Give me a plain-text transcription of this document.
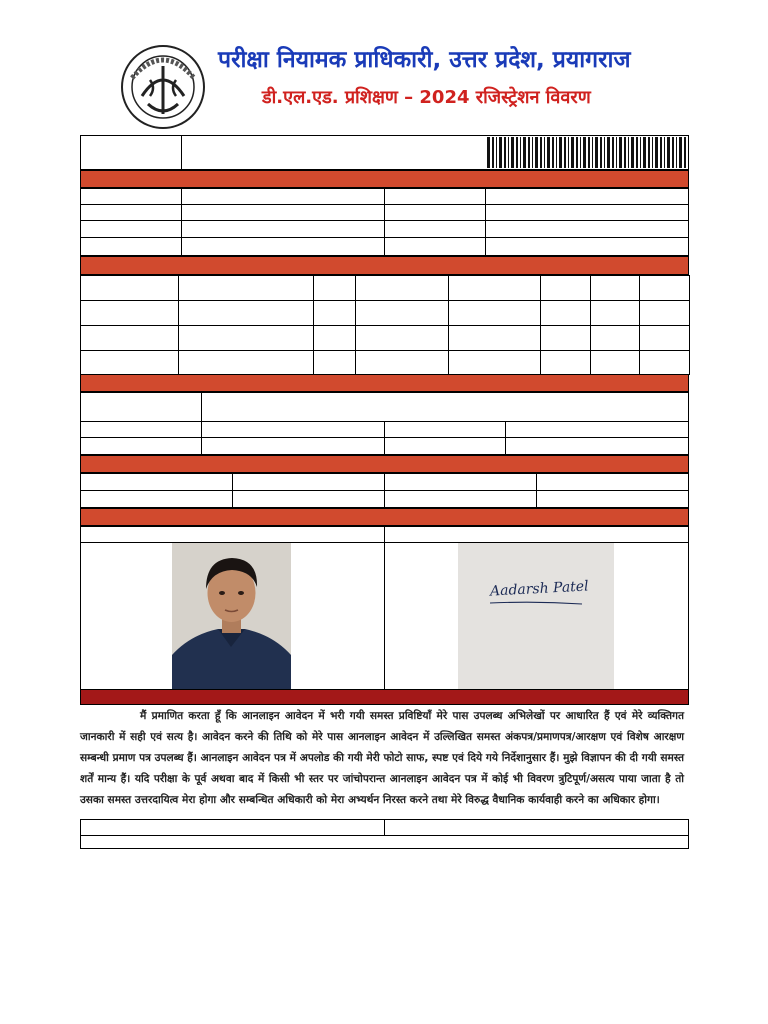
परीक्षा नियामक प्राधिकारी, उत्तर प्रदेश, प्रयागराज
डी.एल.एड. प्रशिक्षण – 2024 रजिस्ट्रेशन विवरण
Aadarsh Patel
मैं प्रमाणित करता हूँ कि आनलाइन आवेदन में भरी गयी समस्त प्रविष्टियाँ मेरे पास उपलब्ध अभिलेखों पर आधारित हैं एवं मेरे व्यक्तिगत जानकारी में सही एवं सत्य है। आवेदन करने की तिथि को मेरे पास आनलाइन आवेदन में उल्लिखित समस्त अंकपत्र/प्रमाणपत्र/आरक्षण एवं विशेष आरक्षण सम्बन्धी प्रमाण पत्र उपलब्ध हैं। आनलाइन आवेदन पत्र में अपलोड की गयी मेरी फोटो साफ, स्पष्ट एवं दिये गये निर्देशानुसार हैं। मुझे विज्ञापन की दी गयी समस्त शर्तें मान्य हैं। यदि परीक्षा के पूर्व अथवा बाद में किसी भी स्तर पर जांचोपरान्त आनलाइन आवेदन पत्र में कोई भी विवरण त्रुटिपूर्ण/असत्य पाया जाता है तो उसका समस्त उत्तरदायित्व मेरा होगा और सम्बन्धित अधिकारी को मेरा अभ्यर्थन निरस्त करने तथा मेरे विरुद्ध वैधानिक कार्यवाही करने का अधिकार होगा।
